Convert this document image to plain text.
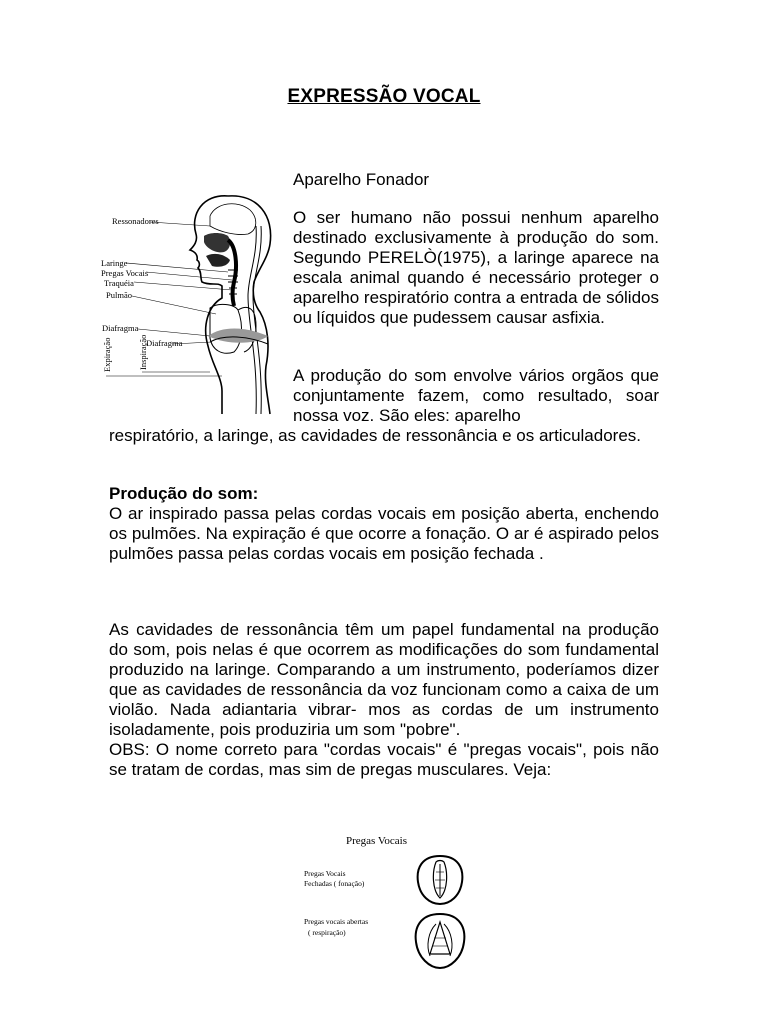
EXPRESSÃO VOCAL
Ressonadores
Laringe
Pregas Vocais
Traquéia
Pulmão
Diafragma
Diafragma
Expiração	Inspiração

Aparelho Fonador

O ser humano não possui nenhum aparelho destinado exclusivamente à produção do som. Segundo PERELÒ(1975), a laringe aparece na escala animal quando é necessário proteger o aparelho respiratório contra a entrada de sólidos ou líquidos que pudessem causar asfixia.

A produção do som envolve vários orgãos que conjuntamente fazem, como resultado, soar nossa voz. São eles: aparelho

respiratório, a laringe, as cavidades de ressonância e os articuladores.

Produção do som:

O ar inspirado passa pelas cordas vocais em posição aberta, enchendo os pulmões. Na expiração é que ocorre a fonação. O ar é aspirado pelos pulmões passa pelas cordas vocais em posição fechada .

As cavidades de ressonância têm um papel fundamental na produção do som, pois nelas é que ocorrem as modificações do som fundamental produzido na laringe. Comparando a um instrumento, poderíamos dizer que as cavidades de ressonância da voz funcionam como a caixa de um violão. Nada adiantaria vibrar- mos as cordas de um instrumento isoladamente, pois produziria um som "pobre".

OBS: O nome correto para "cordas vocais" é "pregas vocais", pois não se tratam de cordas, mas sim de pregas musculares. Veja:

Pregas Vocais
Pregas Vocais
Fechadas ( fonação)
Pregas vocais abertas
( respiração)
